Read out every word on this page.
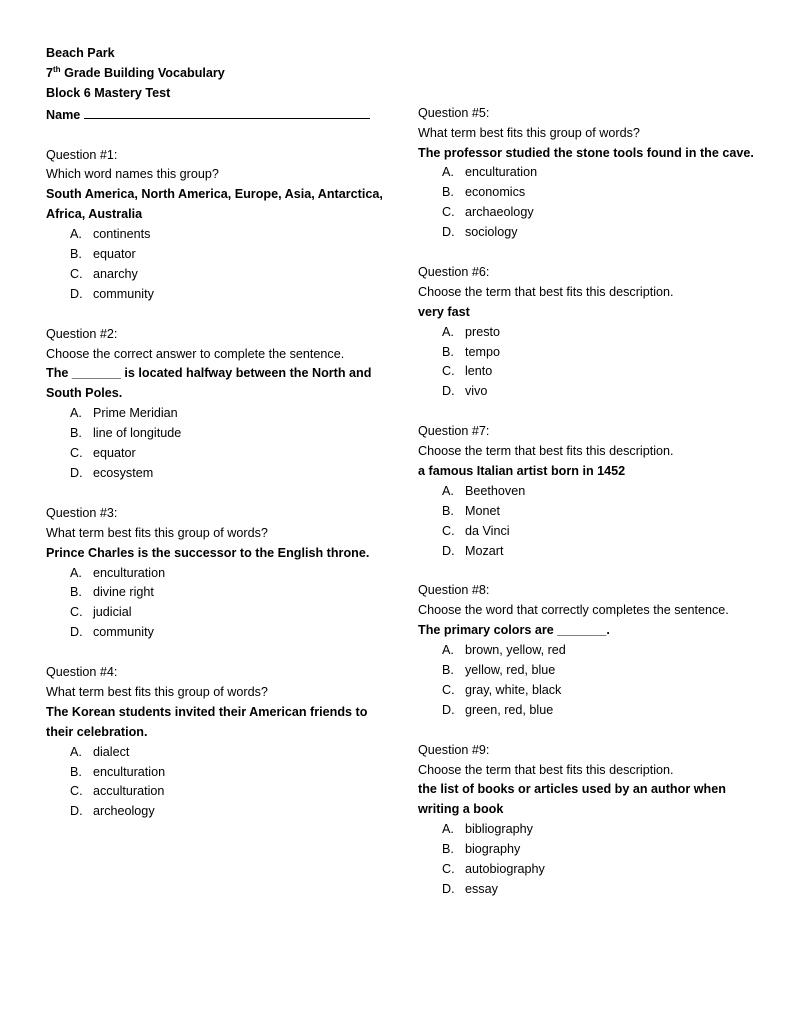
Beach Park
7th Grade Building Vocabulary
Block 6 Mastery Test
Name
Question #1:
Which word names this group?
South America, North America, Europe, Asia, Antarctica, Africa, Australia
A. continents
B. equator
C. anarchy
D. community
Question #2:
Choose the correct answer to complete the sentence.
The _______ is located halfway between the North and South Poles.
A. Prime Meridian
B. line of longitude
C. equator
D. ecosystem
Question #3:
What term best fits this group of words?
Prince Charles is the successor to the English throne.
A. enculturation
B. divine right
C. judicial
D. community
Question #4:
What term best fits this group of words?
The Korean students invited their American friends to their celebration.
A. dialect
B. enculturation
C. acculturation
D. archeology
Question #5:
What term best fits this group of words?
The professor studied the stone tools found in the cave.
A. enculturation
B. economics
C. archaeology
D. sociology
Question #6:
Choose the term that best fits this description.
very fast
A. presto
B. tempo
C. lento
D. vivo
Question #7:
Choose the term that best fits this description.
a famous Italian artist born in 1452
A. Beethoven
B. Monet
C. da Vinci
D. Mozart
Question #8:
Choose the word that correctly completes the sentence.
The primary colors are _______.
A. brown, yellow, red
B. yellow, red, blue
C. gray, white, black
D. green, red, blue
Question #9:
Choose the term that best fits this description.
the list of books or articles used by an author when writing a book
A. bibliography
B. biography
C. autobiography
D. essay
